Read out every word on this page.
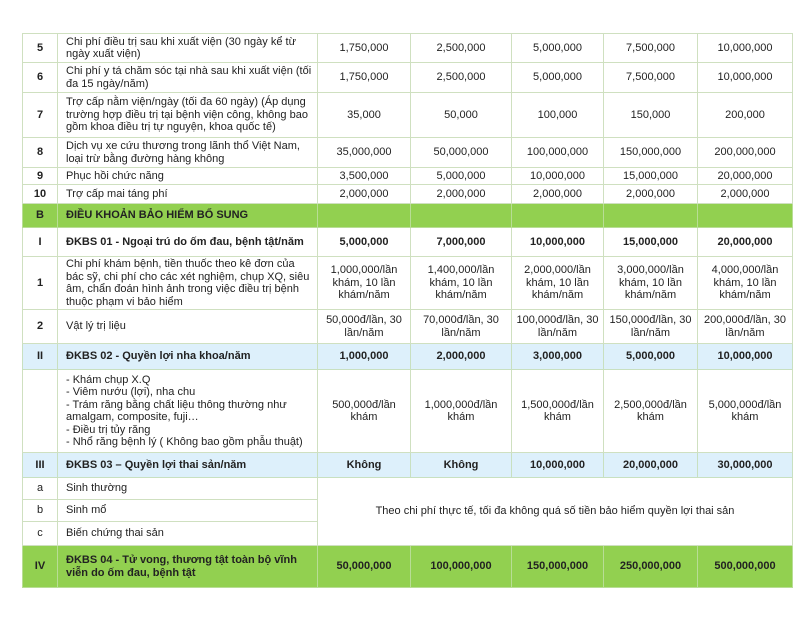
5	Chi phí điều trị sau khi xuất viện (30 ngày kể từ ngày xuất viện)	1,750,000	2,500,000	5,000,000	7,500,000	10,000,000
6	Chi phí y tá chăm sóc tại nhà sau khi xuất viện (tối đa 15 ngày/năm)	1,750,000	2,500,000	5,000,000	7,500,000	10,000,000
7	Trợ cấp nằm viện/ngày (tối đa 60 ngày) (Áp dụng trường hợp điều trị tại bệnh viện công, không bao gồm khoa điều trị tự nguyện, khoa quốc tế)	35,000	50,000	100,000	150,000	200,000
8	Dịch vụ xe cứu thương trong lãnh thổ Việt Nam, loại trừ bằng đường hàng không	35,000,000	50,000,000	100,000,000	150,000,000	200,000,000
9	Phục hồi chức năng	3,500,000	5,000,000	10,000,000	15,000,000	20,000,000
10	Trợ cấp mai táng phí	2,000,000	2,000,000	2,000,000	2,000,000	2,000,000
B	ĐIỀU KHOẢN BẢO HIỂM BỔ SUNG					
I	ĐKBS 01 - Ngoại trú do ốm đau, bệnh tật/năm	5,000,000	7,000,000	10,000,000	15,000,000	20,000,000
1	Chi phí khám bệnh, tiền thuốc theo kê đơn của bác sỹ, chi phí cho các xét nghiệm, chụp XQ, siêu âm, chẩn đoán hình ảnh trong việc điều trị bệnh thuộc phạm vi bảo hiểm	1,000,000/lần khám, 10 lần khám/năm	1,400,000/lần khám, 10 lần khám/năm	2,000,000/lần khám, 10 lần khám/năm	3,000,000/lần khám, 10 lần khám/năm	4,000,000/lần khám, 10 lần khám/năm
2	Vật lý trị liệu	50,000đ/lần, 30 lần/năm	70,000đ/lần, 30 lần/năm	100,000đ/lần, 30 lần/năm	150,000đ/lần, 30 lần/năm	200,000đ/lần, 30 lần/năm
II	ĐKBS 02 - Quyền lợi nha khoa/năm	1,000,000	2,000,000	3,000,000	5,000,000	10,000,000

	- Khám chụp X.Q
- Viêm nướu (lợi), nha chu
- Trám răng bằng chất liệu thông thường như amalgam, composite, fuji…
- Điều trị tủy răng
- Nhổ răng bệnh lý ( Không bao gồm phẫu thuật)	500,000đ/lần khám	1,000,000đ/lần khám	1,500,000đ/lần khám	2,500,000đ/lần khám	5,000,000đ/lần khám
III	ĐKBS 03 – Quyền lợi thai sản/năm	Không	Không	10,000,000	20,000,000	30,000,000
a	Sinh thường	Theo chi phí thực tế, tối đa không quá số tiền bảo hiểm quyền lợi thai sản				
b	Sinh mổ					
c	Biến chứng thai sản					
IV	ĐKBS 04 - Tử vong, thương tật toàn bộ vĩnh viễn do ốm đau, bệnh tật	50,000,000	100,000,000	150,000,000	250,000,000	500,000,000
